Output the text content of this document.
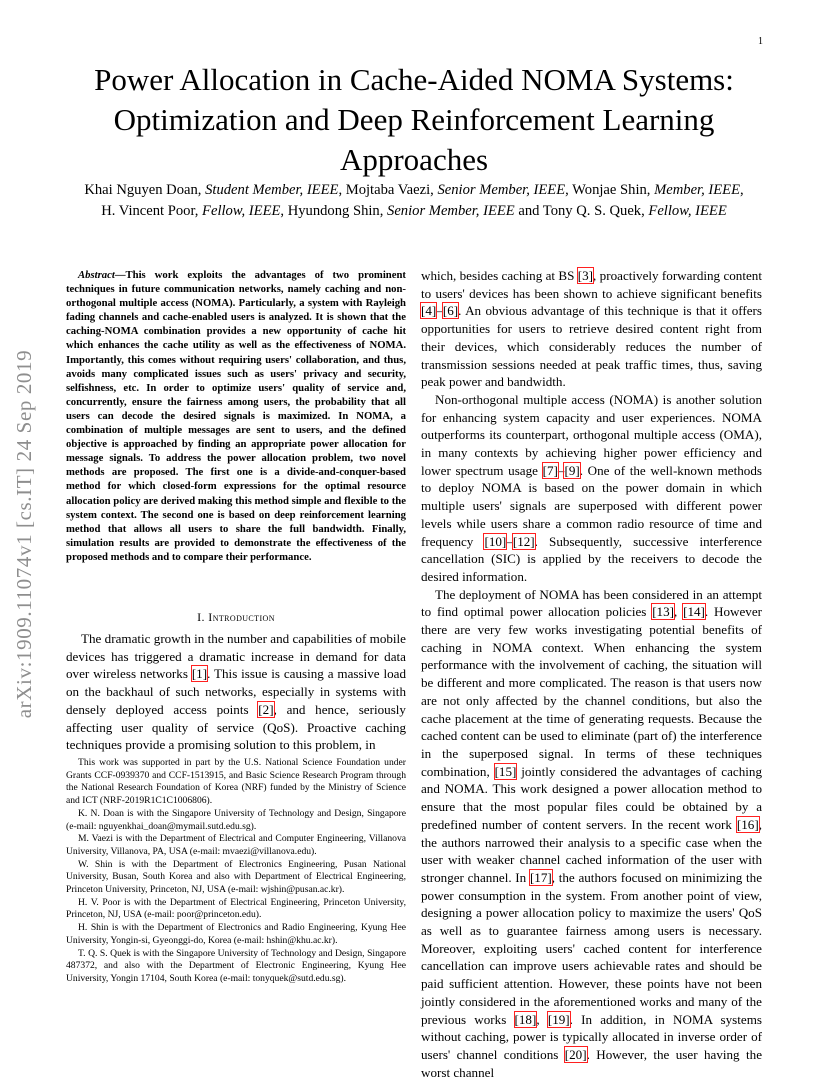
1
arXiv:1909.11074v1 [cs.IT] 24 Sep 2019
Power Allocation in Cache-Aided NOMA Systems: Optimization and Deep Reinforcement Learning Approaches
Khai Nguyen Doan, Student Member, IEEE, Mojtaba Vaezi, Senior Member, IEEE, Wonjae Shin, Member, IEEE,
H. Vincent Poor, Fellow, IEEE, Hyundong Shin, Senior Member, IEEE and Tony Q. S. Quek, Fellow, IEEE
Abstract—This work exploits the advantages of two prominent techniques in future communication networks, namely caching and non-orthogonal multiple access (NOMA). Particularly, a system with Rayleigh fading channels and cache-enabled users is analyzed. It is shown that the caching-NOMA combination provides a new opportunity of cache hit which enhances the cache utility as well as the effectiveness of NOMA. Importantly, this comes without requiring users' collaboration, and thus, avoids many complicated issues such as users' privacy and security, selfishness, etc. In order to optimize users' quality of service and, concurrently, ensure the fairness among users, the probability that all users can decode the desired signals is maximized. In NOMA, a combination of multiple messages are sent to users, and the defined objective is approached by finding an appropriate power allocation for message signals. To address the power allocation problem, two novel methods are proposed. The first one is a divide-and-conquer-based method for which closed-form expressions for the optimal resource allocation policy are derived making this method simple and flexible to the system context. The second one is based on deep reinforcement learning method that allows all users to share the full bandwidth. Finally, simulation results are provided to demonstrate the effectiveness of the proposed methods and to compare their performance.
I. Introduction
The dramatic growth in the number and capabilities of mobile devices has triggered a dramatic increase in demand for data over wireless networks [1]. This issue is causing a massive load on the backhaul of such networks, especially in systems with densely deployed access points [2], and hence, seriously affecting user quality of service (QoS). Proactive caching techniques provide a promising solution to this problem, in

This work was supported in part by the U.S. National Science Foundation under Grants CCF-0939370 and CCF-1513915, and Basic Science Research Program through the National Research Foundation of Korea (NRF) funded by the Ministry of Science and ICT (NRF-2019R1C1C1006806).

K. N. Doan is with the Singapore University of Technology and Design, Singapore (e-mail: nguyenkhai_doan@mymail.sutd.edu.sg).

M. Vaezi is with the Department of Electrical and Computer Engineering, Villanova University, Villanova, PA, USA (e-mail: mvaezi@villanova.edu).

W. Shin is with the Department of Electronics Engineering, Pusan National University, Busan, South Korea and also with Department of Electrical Engineering, Princeton University, Princeton, NJ, USA (e-mail: wjshin@pusan.ac.kr).

H. V. Poor is with the Department of Electrical Engineering, Princeton University, Princeton, NJ, USA (e-mail: poor@princeton.edu).

H. Shin is with the Department of Electronics and Radio Engineering, Kyung Hee University, Yongin-si, Gyeonggi-do, Korea (e-mail: hshin@khu.ac.kr).

T. Q. S. Quek is with the Singapore University of Technology and Design, Singapore 487372, and also with the Department of Electronic Engineering, Kyung Hee University, Yongin 17104, South Korea (e-mail: tonyquek@sutd.edu.sg).

which, besides caching at BS [3], proactively forwarding content to users' devices has been shown to achieve significant benefits [4]–[6]. An obvious advantage of this technique is that it offers opportunities for users to retrieve desired content right from their devices, which considerably reduces the number of transmission sessions needed at peak traffic times, thus, saving peak power and bandwidth.

Non-orthogonal multiple access (NOMA) is another solution for enhancing system capacity and user experiences. NOMA outperforms its counterpart, orthogonal multiple access (OMA), in many contexts by achieving higher power efficiency and lower spectrum usage [7]–[9]. One of the well-known methods to deploy NOMA is based on the power domain in which multiple users' signals are superposed with different power levels while users share a common radio resource of time and frequency [10]–[12]. Subsequently, successive interference cancellation (SIC) is applied by the receivers to decode the desired information.

The deployment of NOMA has been considered in an attempt to find optimal power allocation policies [13], [14]. However there are very few works investigating potential benefits of caching in NOMA context. When enhancing the system performance with the involvement of caching, the situation will be different and more complicated. The reason is that users now are not only affected by the channel conditions, but also the cache placement at the time of generating requests. Because the cached content can be used to eliminate (part of) the interference in the superposed signal. In terms of these techniques combination, [15] jointly considered the advantages of caching and NOMA. This work designed a power allocation method to ensure that the most popular files could be obtained by a predefined number of content servers. In the recent work [16], the authors narrowed their analysis to a specific case when the user with weaker channel cached information of the user with stronger channel. In [17], the authors focused on minimizing the power consumption in the system. From another point of view, designing a power allocation policy to maximize the users' QoS as well as to guarantee fairness among users is necessary. Moreover, exploiting users' cached content for interference cancellation can improve users achievable rates and should be paid sufficient attention. However, these points have not been jointly considered in the aforementioned works and many of the previous works [18], [19]. In addition, in NOMA systems without caching, power is typically allocated in inverse order of users' channel conditions [20]. However, the user having the worst channel
